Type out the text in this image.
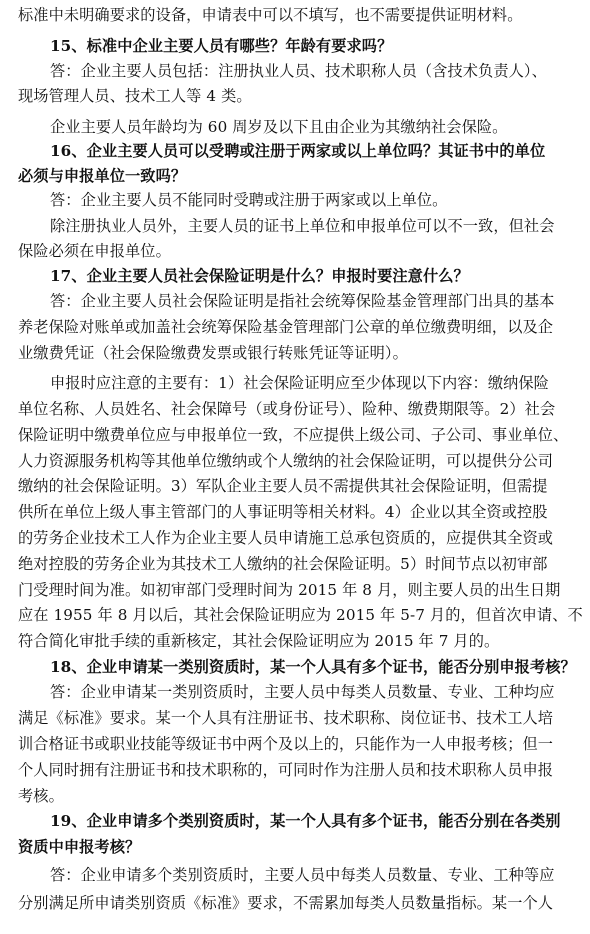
标准中未明确要求的设备，申请表中可以不填写，也不需要提供证明材料。
15、标准中企业主要人员有哪些？年龄有要求吗？
答：企业主要人员包括：注册执业人员、技术职称人员（含技术负责人）、
现场管理人员、技术工人等 4 类。
企业主要人员年龄均为 60 周岁及以下且由企业为其缴纳社会保险。
16、企业主要人员可以受聘或注册于两家或以上单位吗？其证书中的单位
必须与申报单位一致吗？
答：企业主要人员不能同时受聘或注册于两家或以上单位。
除注册执业人员外，主要人员的证书上单位和申报单位可以不一致，但社会
保险必须在申报单位。
17、企业主要人员社会保险证明是什么？申报时要注意什么？
答：企业主要人员社会保险证明是指社会统筹保险基金管理部门出具的基本
养老保险对账单或加盖社会统筹保险基金管理部门公章的单位缴费明细，以及企
业缴费凭证（社会保险缴费发票或银行转账凭证等证明）。
申报时应注意的主要有：1）社会保险证明应至少体现以下内容：缴纳保险
单位名称、人员姓名、社会保障号（或身份证号）、险种、缴费期限等。2）社会
保险证明中缴费单位应与申报单位一致，不应提供上级公司、子公司、事业单位、
人力资源服务机构等其他单位缴纳或个人缴纳的社会保险证明，可以提供分公司
缴纳的社会保险证明。3）军队企业主要人员不需提供其社会保险证明，但需提
供所在单位上级人事主管部门的人事证明等相关材料。4）企业以其全资或控股
的劳务企业技术工人作为企业主要人员申请施工总承包资质的，应提供其全资或
绝对控股的劳务企业为其技术工人缴纳的社会保险证明。5）时间节点以初审部
门受理时间为准。如初审部门受理时间为 2015 年 8 月，则主要人员的出生日期
应在 1955 年 8 月以后，其社会保险证明应为 2015 年 5-7 月的，但首次申请、不
符合简化审批手续的重新核定，其社会保险证明应为 2015 年 7 月的。
18、企业申请某一类别资质时，某一个人具有多个证书，能否分别申报考核？
答：企业申请某一类别资质时，主要人员中每类人员数量、专业、工种均应
满足《标准》要求。某一个人具有注册证书、技术职称、岗位证书、技术工人培
训合格证书或职业技能等级证书中两个及以上的，只能作为一人申报考核；但一
个人同时拥有注册证书和技术职称的，可同时作为注册人员和技术职称人员申报
考核。
19、企业申请多个类别资质时，某一个人具有多个证书，能否分别在各类别
资质中申报考核？
答：企业申请多个类别资质时，主要人员中每类人员数量、专业、工种等应
分别满足所申请类别资质《标准》要求，不需累加每类人员数量指标。某一个人
